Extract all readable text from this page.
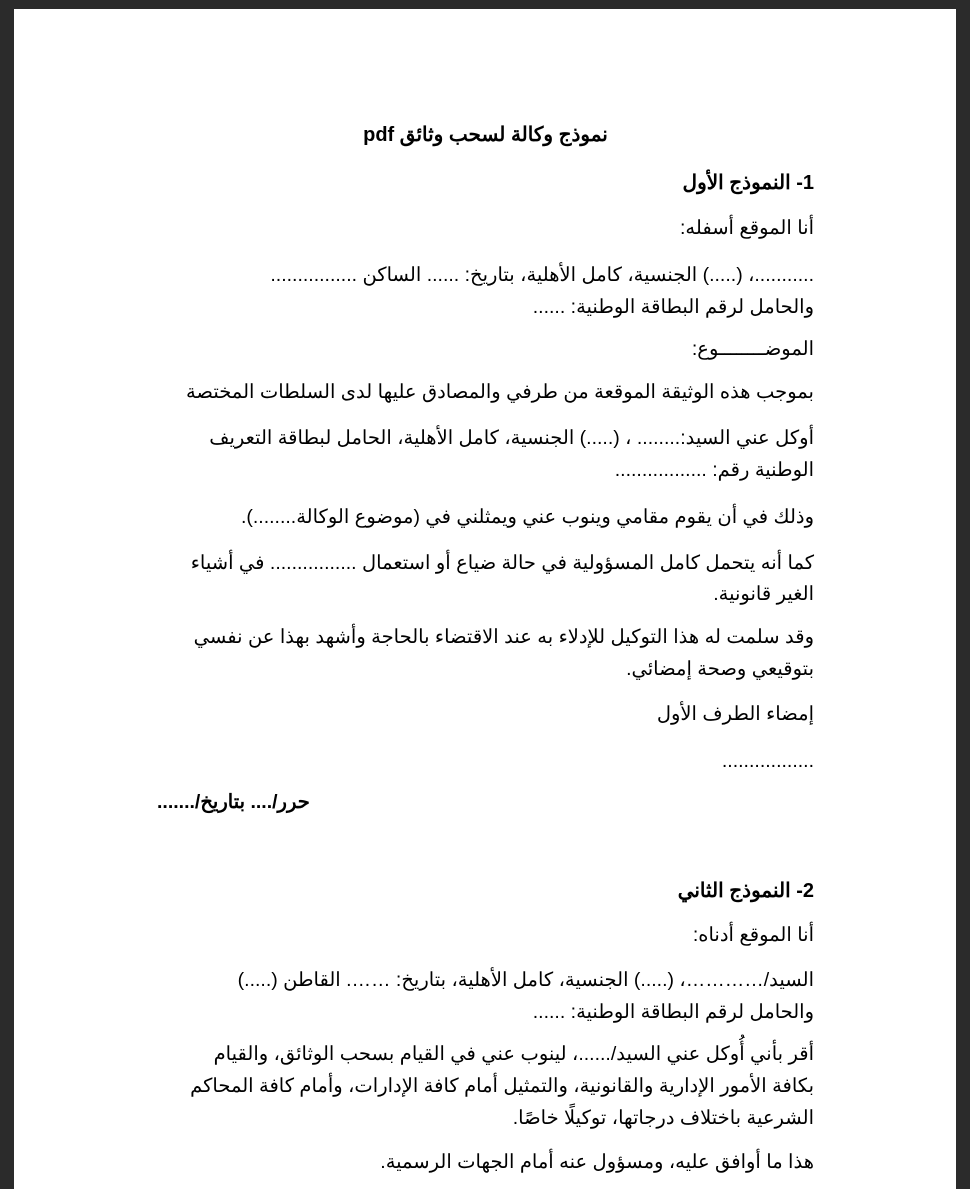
نموذج وكالة لسحب وثائق pdf
1- النموذج الأول
أنا الموقع أسفله:
...........، (.....) الجنسية، كامل الأهلية، بتاريخ: ...... الساكن ................
والحامل لرقم البطاقة الوطنية: ......
الموضــــــــوع:
بموجب هذه الوثيقة الموقعة من طرفي والمصادق عليها لدى السلطات المختصة
أوكل عني السيد:........ ، (.....) الجنسية، كامل الأهلية، الحامل لبطاقة التعريف
الوطنية رقم: .................
وذلك في أن يقوم مقامي وينوب عني ويمثلني في (موضوع الوكالة........).
كما أنه يتحمل كامل المسؤولية في حالة ضياع أو استعمال ................ في أشياء
الغير قانونية.
وقد سلمت له هذا التوكيل للإدلاء به عند الاقتضاء بالحاجة وأشهد بهذا عن نفسي
بتوقيعي وصحة إمضائي.
إمضاء الطرف الأول
.................
حرر/.... بتاريخ/.......
2- النموذج الثاني
أنا الموقع أدناه:
السيد/…………، (.....) الجنسية، كامل الأهلية، بتاريخ: ……. القاطن (.....)
والحامل لرقم البطاقة الوطنية: ......
أقر بأني أُوكل عني السيد/......، لينوب عني في القيام بسحب الوثائق، والقيام
بكافة الأمور الإدارية والقانونية، والتمثيل أمام كافة الإدارات، وأمام كافة المحاكم
الشرعية باختلاف درجاتها، توكيلًا خاصًا.
هذا ما أوافق عليه، ومسؤول عنه أمام الجهات الرسمية.
